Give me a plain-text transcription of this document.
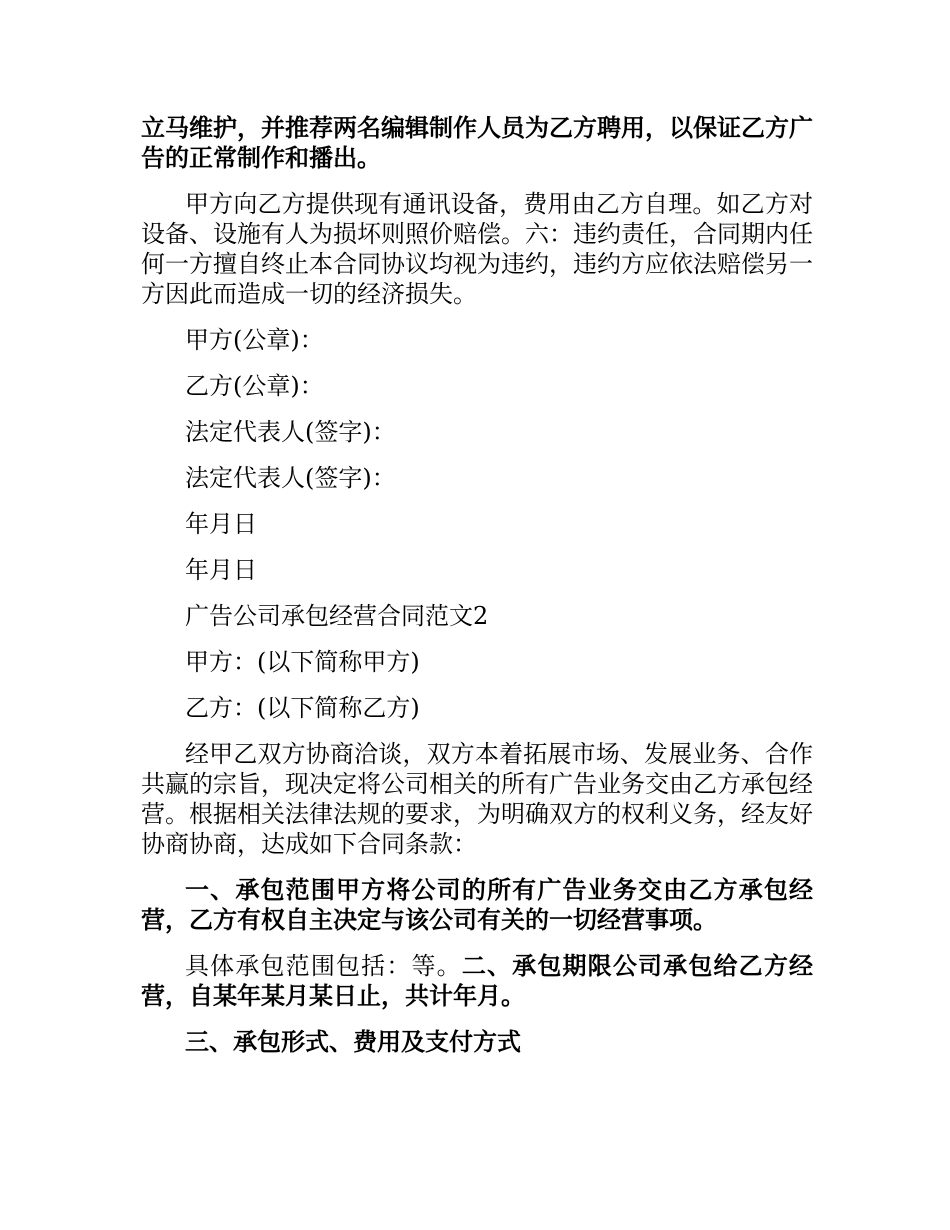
立马维护，并推荐两名编辑制作人员为乙方聘用，以保证乙方广告的正常制作和播出。

甲方向乙方提供现有通讯设备，费用由乙方自理。如乙方对设备、设施有人为损坏则照价赔偿。六：违约责任，合同期内任何一方擅自终止本合同协议均视为违约，违约方应依法赔偿另一方因此而造成一切的经济损失。

甲方(公章)：

乙方(公章)：

法定代表人(签字)：

法定代表人(签字)：

年月日

年月日

广告公司承包经营合同范文2

甲方：(以下简称甲方)

乙方：(以下简称乙方)

经甲乙双方协商洽谈，双方本着拓展市场、发展业务、合作共赢的宗旨，现决定将公司相关的所有广告业务交由乙方承包经营。根据相关法律法规的要求，为明确双方的权利义务，经友好协商协商，达成如下合同条款：

一、承包范围甲方将公司的所有广告业务交由乙方承包经营，乙方有权自主决定与该公司有关的一切经营事项。

具体承包范围包括：等。二、承包期限公司承包给乙方经营，自某年某月某日止，共计年月。

三、承包形式、费用及支付方式
